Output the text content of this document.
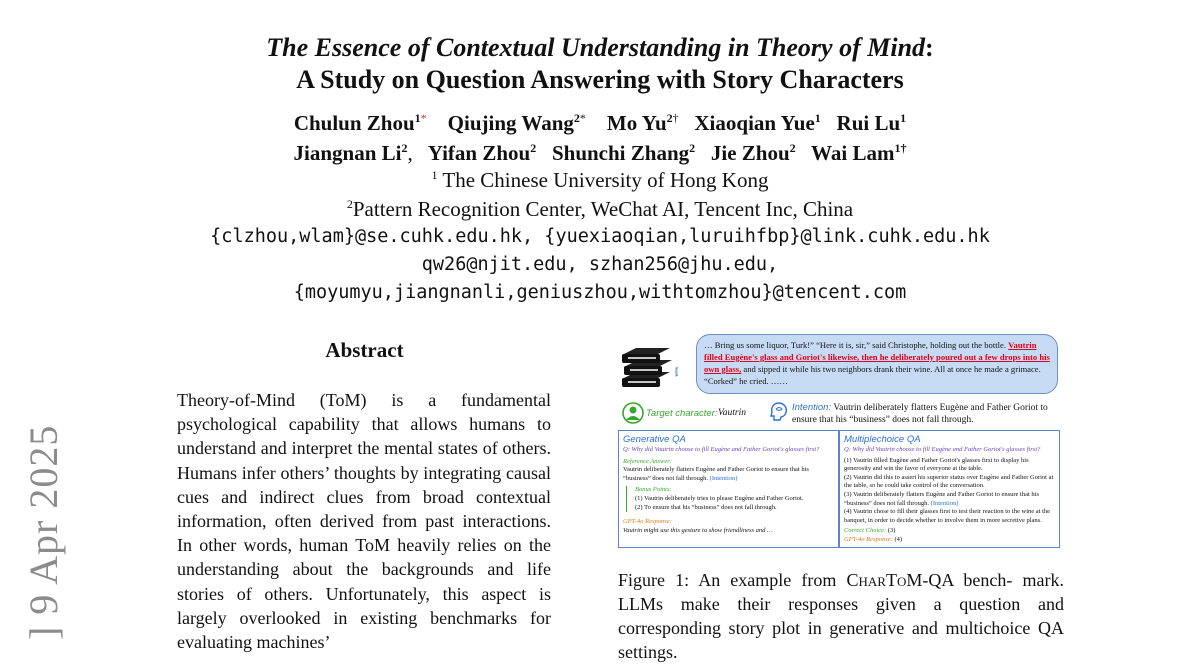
The Essence of Contextual Understanding in Theory of Mind:
A Study on Question Answering with Story Characters
Chulun Zhou$^{1*}$ Qiujing Wang$^{2*}$ Mo $Yu^{2\dagger}$ Xiaoqian Yue$^1$ Rui Lu$^1$
Jiangnan Li$^2$, Yifan Zhou$^2$ Shunchi Zhang$^2$ Jie Zhou$^2$ Wai Lam$^{1\dagger}$
$^1$ The Chinese University of Hong Kong
$^2$Pattern Recognition Center, WeChat AI, Tencent Inc, China
{clzhou,wlam}@se.cuhk.edu.hk, {yuexiaoqian,luruihfbp}@link.cuhk.edu.hk
qw26@njit.edu, szhan256@jhu.edu,
{moyumyu,jiangnanli,geniuszhou,withtomzhou}@tencent.com
] 9 Apr 2025
Abstract

Theory-of-Mind (ToM) is a fundamental psychological capability that allows humans to understand and interpret the mental states of others. Humans infer others’ thoughts by integrating causal cues and indirect clues from broad contextual information, often derived from past interactions. In other words, human ToM heavily relies on the understanding about the backgrounds and life stories of others. Unfortunately, this aspect is largely overlooked in existing benchmarks for evaluating machines’

… Bring us some liquor, Turk!” “Here it is, sir,” said Christophe, holding out the bottle. Vautrin filled Eugène's glass and Goriot's likewise, then he deliberately poured out a few drops into his own glass, and sipped it while his two neighbors drank their wine. All at once he made a grimace. “Corked” he cried. ……
Target character: Vautrin	Intention: Vautrin deliberately flatters Eugène and Father Goriot to ensure that his “business” does not fall through.
Generative QA
Q: Why did Vautrin choose to fill Eugène and Father Goriot's glasses first?
Reference Answer:
Vautrin deliberately flatters Eugène and Father Goriot to ensure that his “business” does not fall through. (Intention)
Bonus Points:
(1) Vautrin deliberately tries to please Eugène and Father Goriot.
(2) To ensure that his “business” does not fall through.
GPT-4o Response:
Vautrin might use this gesture to show friendliness and …
Multiplechoice QA
Q: Why did Vautrin choose to fill Eugène and Father Goriot's glasses first?
(1) Vautrin filled Eugène and Father Goriot's glasses first to display his generosity and win the favor of everyone at the table.
(2) Vautrin did this to assert his superior status over Eugène and Father Goriot at the table, so he could take control of the conversation.
(3) Vautrin deliberately flatters Eugène and Father Goriot to ensure that his “business” does not fall through. (Intention)
(4) Vautrin chose to fill their glasses first to test their reaction to the wine at the banquet, in order to decide whether to involve them in more secretive plans.
Correct Choice: (3)
GPT-4o Response: (4)
Figure 1: An example from CharToM-QA bench- mark. LLMs make their responses given a question and corresponding story plot in generative and multichoice QA settings.
